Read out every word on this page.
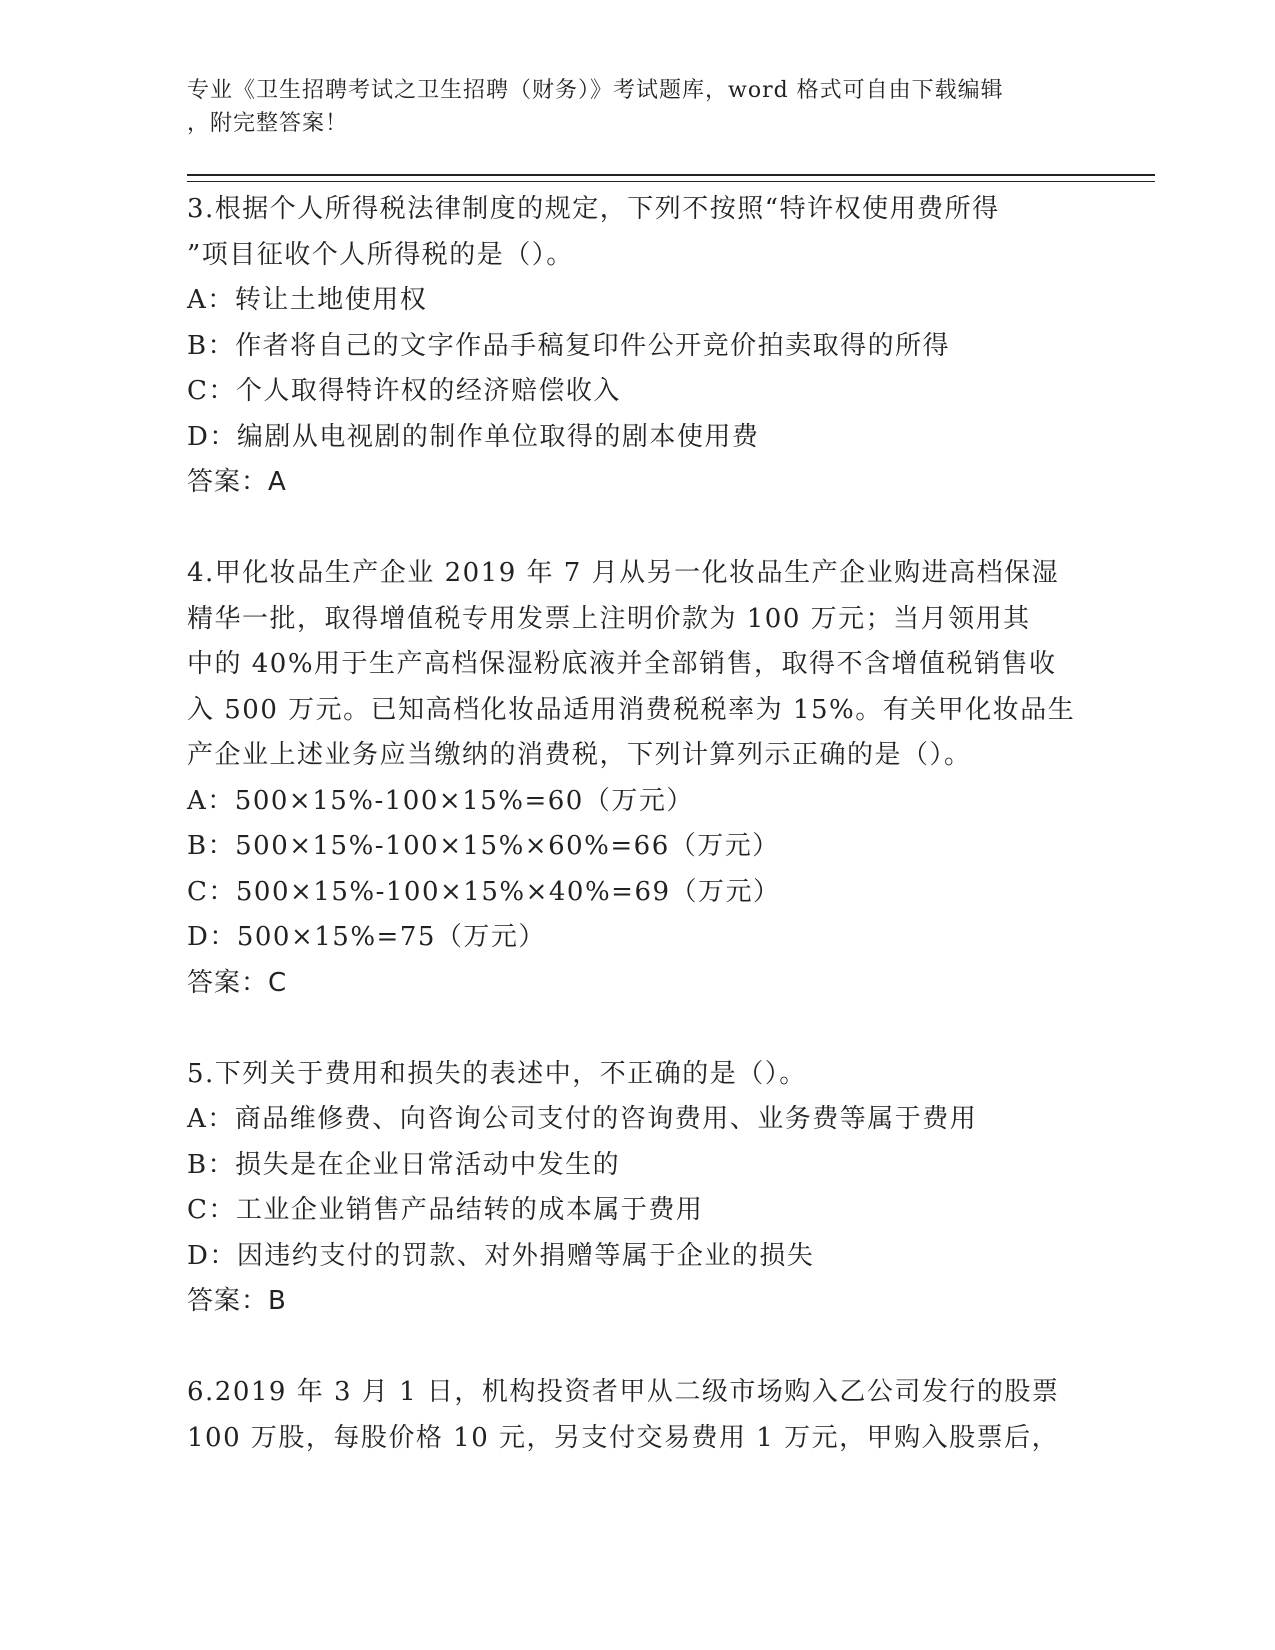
专业《卫生招聘考试之卫生招聘（财务）》考试题库，word 格式可自由下载编辑
，附完整答案！

3.根据个人所得税法律制度的规定，下列不按照“特许权使用费所得

”项目征收个人所得税的是（）。

A：转让土地使用权

B：作者将自己的文字作品手稿复印件公开竞价拍卖取得的所得

C：个人取得特许权的经济赔偿收入

D：编剧从电视剧的制作单位取得的剧本使用费

答案：A

4.甲化妆品生产企业 2019 年 7 月从另一化妆品生产企业购进高档保湿

精华一批，取得增值税专用发票上注明价款为 100 万元；当月领用其

中的 40%用于生产高档保湿粉底液并全部销售，取得不含增值税销售收

入 500 万元。已知高档化妆品适用消费税税率为 15%。有关甲化妆品生

产企业上述业务应当缴纳的消费税，下列计算列示正确的是（）。

A：500×15%-100×15%=60（万元）

B：500×15%-100×15%×60%=66（万元）

C：500×15%-100×15%×40%=69（万元）

D：500×15%=75（万元）

答案：C

5.下列关于费用和损失的表述中，不正确的是（）。

A：商品维修费、向咨询公司支付的咨询费用、业务费等属于费用

B：损失是在企业日常活动中发生的

C：工业企业销售产品结转的成本属于费用

D：因违约支付的罚款、对外捐赠等属于企业的损失

答案：B

6.2019 年 3 月 1 日，机构投资者甲从二级市场购入乙公司发行的股票

100 万股，每股价格 10 元，另支付交易费用 1 万元，甲购入股票后，
